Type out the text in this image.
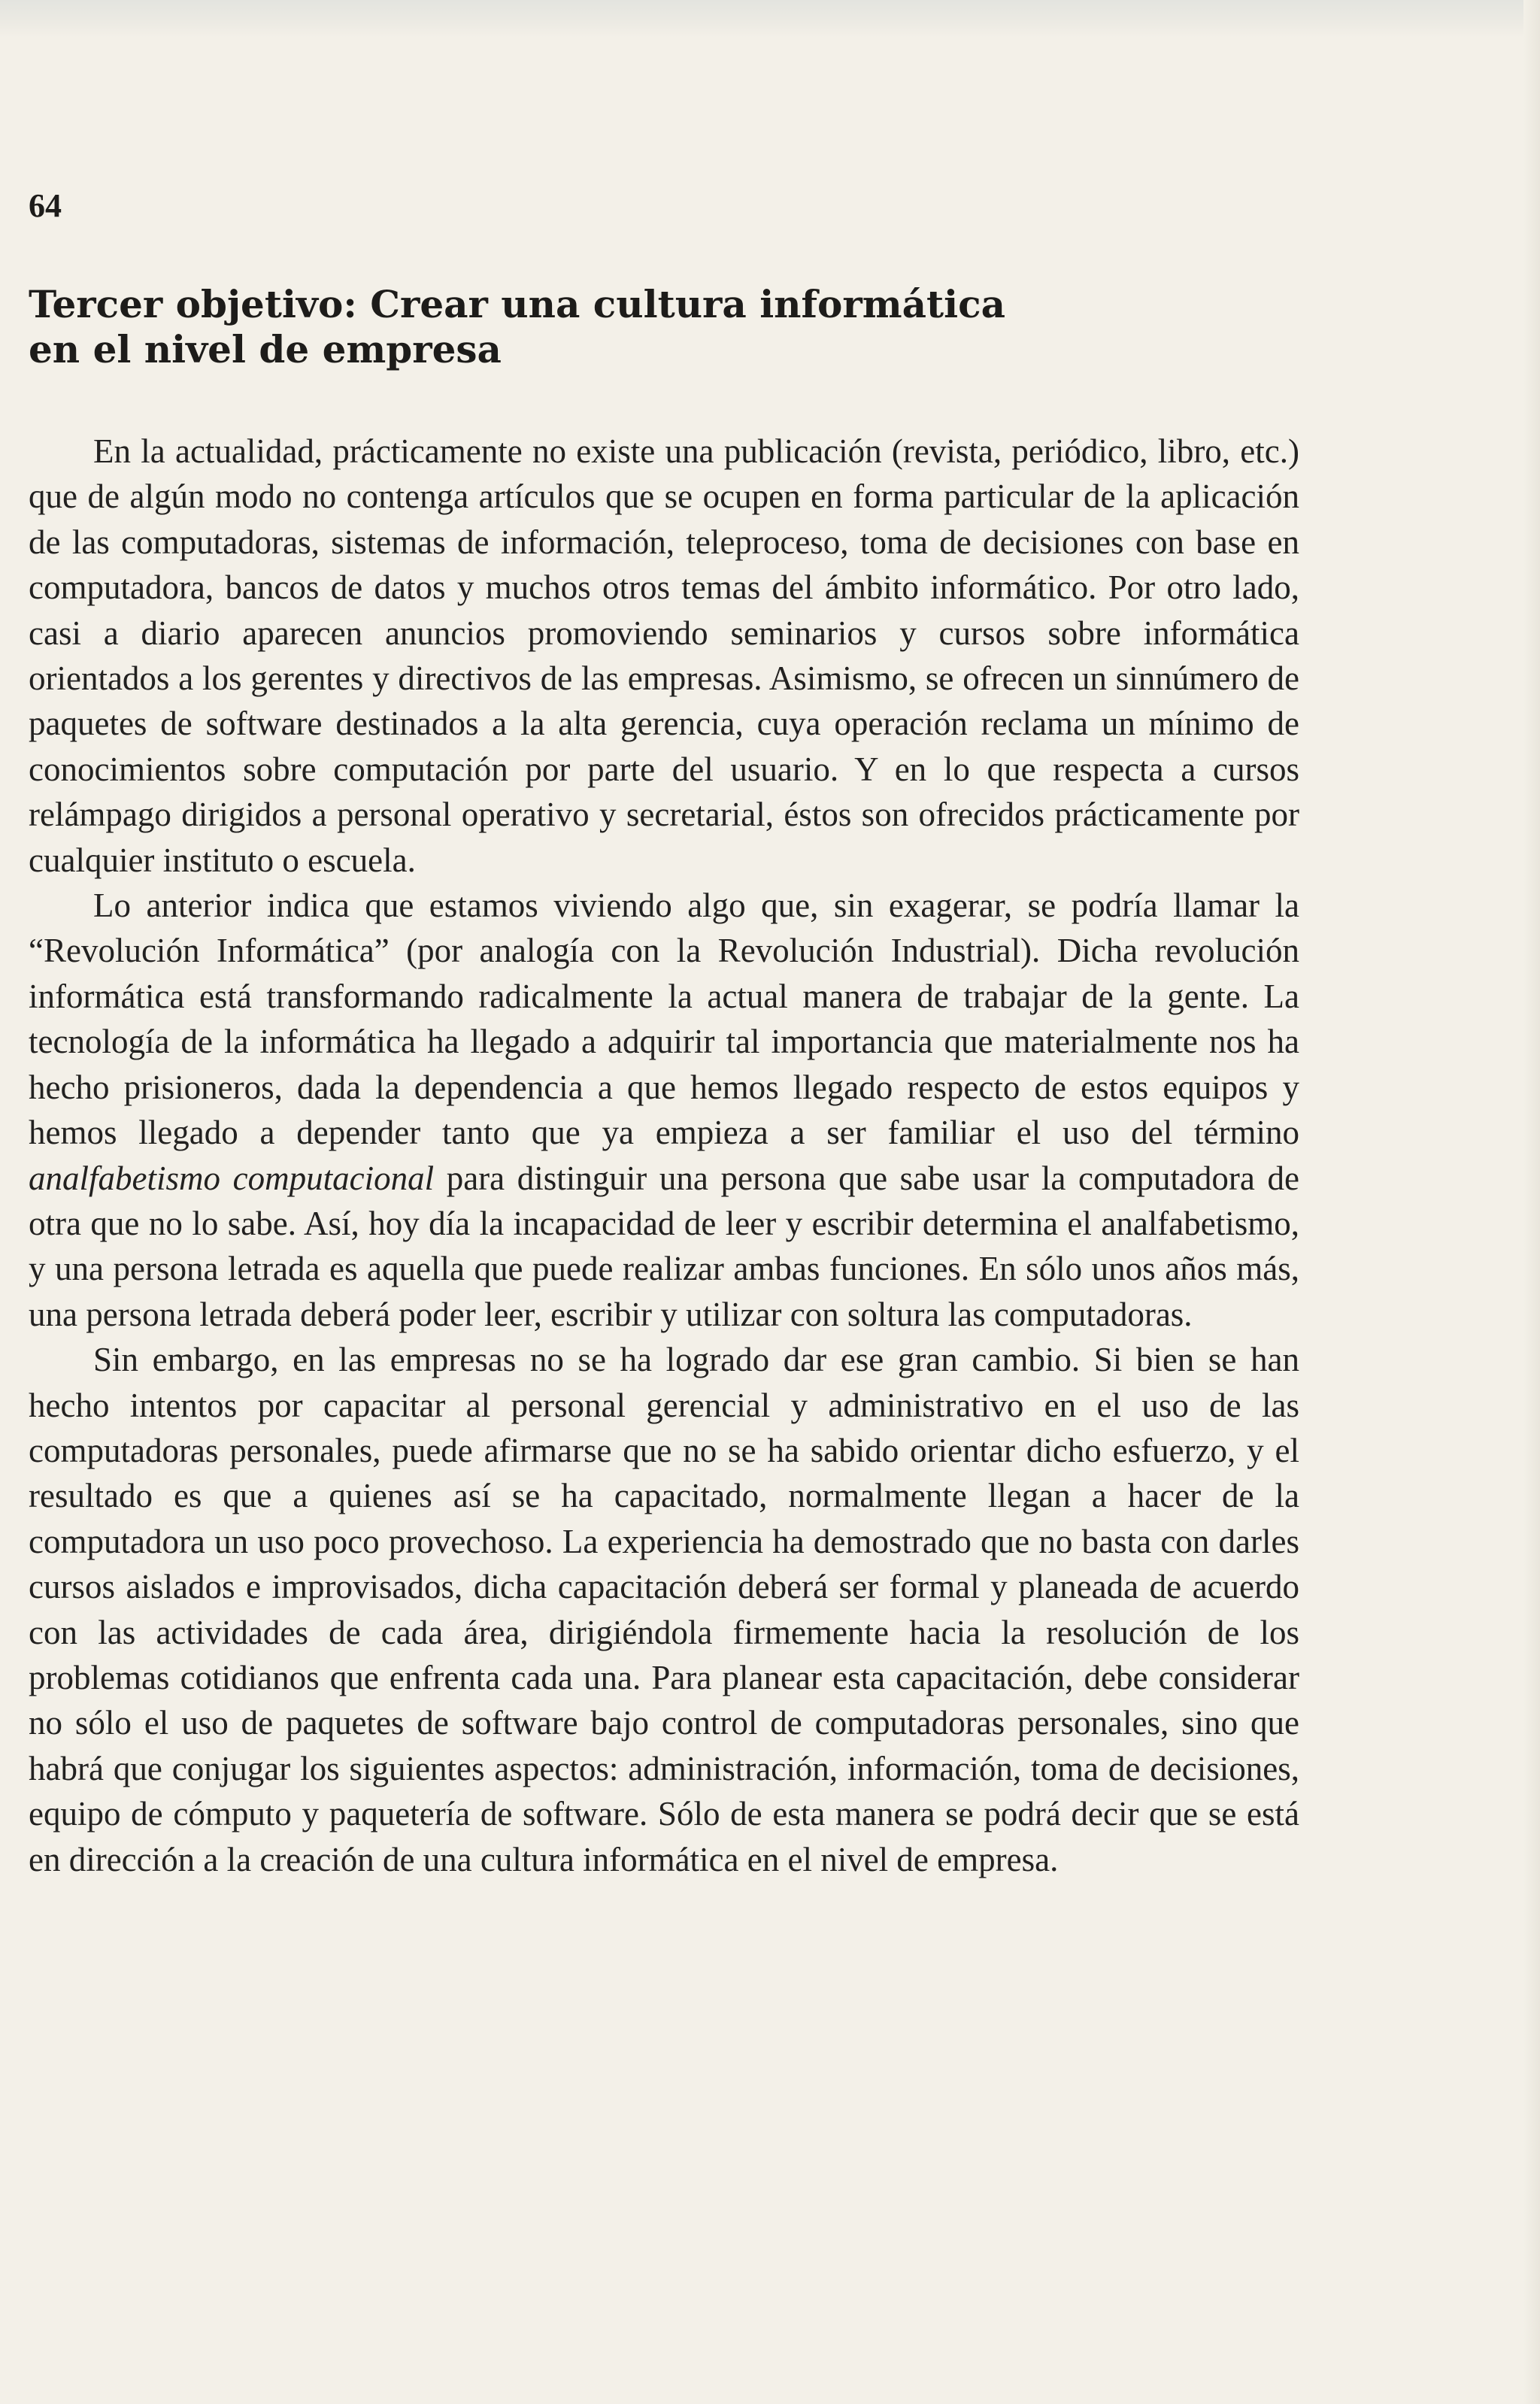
64
Tercer objetivo: Crear una cultura informática en el nivel de empresa

En la actualidad, prácticamente no existe una publicación (revista, periódico, libro, etc.) que de algún modo no contenga artículos que se ocupen en forma particular de la aplicación de las computadoras, sistemas de información, teleproceso, toma de decisiones con base en computadora, bancos de datos y muchos otros temas del ámbito informático. Por otro lado, casi a diario aparecen anuncios promoviendo seminarios y cursos sobre informática orientados a los gerentes y directivos de las empresas. Asimismo, se ofrecen un sinnúmero de paquetes de software destinados a la alta gerencia, cuya operación reclama un mínimo de conocimientos sobre computación por parte del usuario. Y en lo que respecta a cursos relámpago dirigidos a personal operativo y secretarial, éstos son ofrecidos prácticamente por cualquier instituto o escuela.

Lo anterior indica que estamos viviendo algo que, sin exagerar, se podría llamar la “Revolución Informática” (por analogía con la Revolución Industrial). Dicha revolución informática está transformando radicalmente la actual manera de trabajar de la gente. La tecnología de la informática ha llegado a adquirir tal importancia que materialmente nos ha hecho prisioneros, dada la dependencia a que hemos llegado respecto de estos equipos y hemos llegado a depender tanto que ya empieza a ser familiar el uso del término analfabetismo computacional para distinguir una persona que sabe usar la computadora de otra que no lo sabe. Así, hoy día la incapacidad de leer y escribir determina el analfabetismo, y una persona letrada es aquella que puede realizar ambas funciones. En sólo unos años más, una persona letrada deberá poder leer, escribir y utilizar con soltura las computadoras.

Sin embargo, en las empresas no se ha logrado dar ese gran cambio. Si bien se han hecho intentos por capacitar al personal gerencial y administrativo en el uso de las computadoras personales, puede afirmarse que no se ha sabido orientar dicho esfuerzo, y el resultado es que a quienes así se ha capacitado, normalmente llegan a hacer de la computadora un uso poco provechoso. La experiencia ha demostrado que no basta con darles cursos aislados e improvisados, dicha capacitación deberá ser formal y planeada de acuerdo con las actividades de cada área, dirigiéndola firmemente hacia la resolución de los problemas cotidianos que enfrenta cada una. Para planear esta capacitación, debe considerar no sólo el uso de paquetes de software bajo control de computadoras personales, sino que habrá que conjugar los siguientes aspectos: administración, información, toma de decisiones, equipo de cómputo y paquetería de software. Sólo de esta manera se podrá decir que se está en dirección a la creación de una cultura informática en el nivel de empresa.
